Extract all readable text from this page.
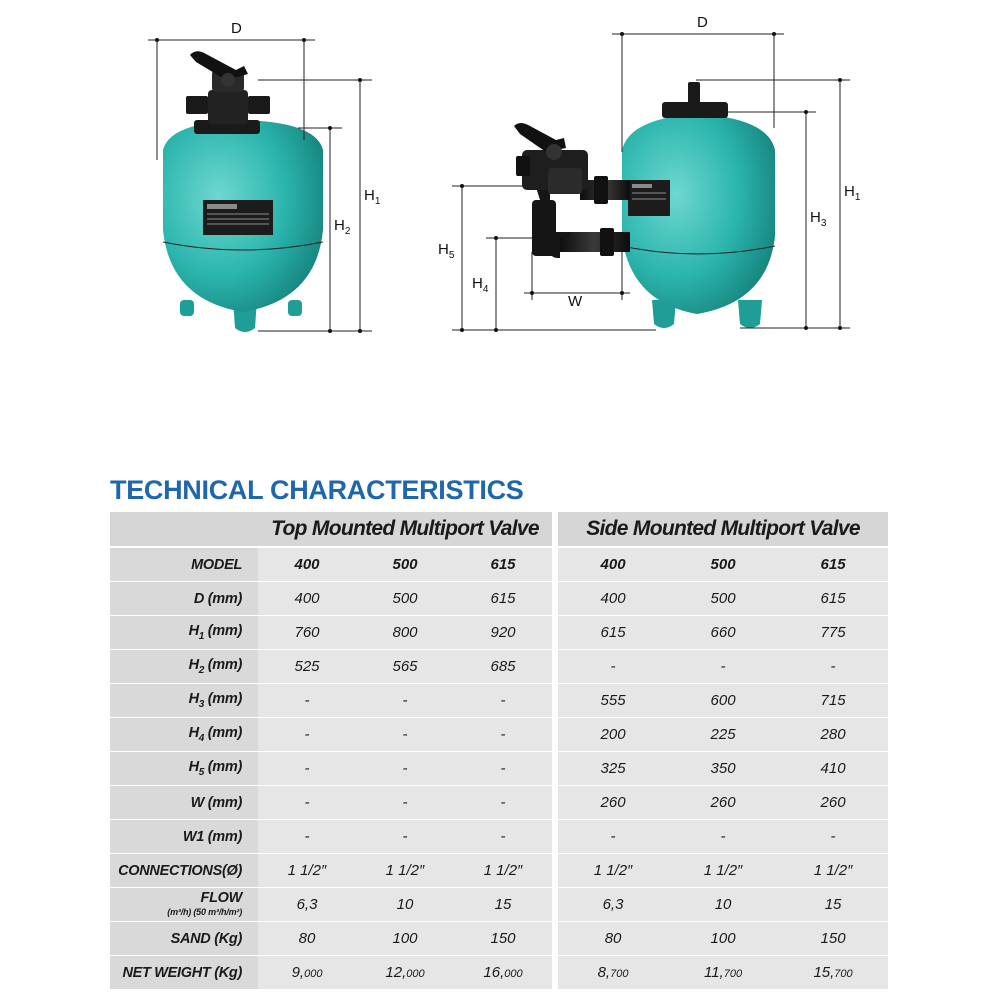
D
$H_1$
$H_2$
D
$H_1$
$H_3$
$H_5$
$H_4$
W
TECHNICAL CHARACTERISTICS
	Top Mounted Multiport Valve				Side Mounted Multiport Valve		
MODEL	400	500	615		400	500	615
D (mm)	400	500	615		400	500	615
$H_1$ (mm)	760	800	920		615	660	775
$H_2$ (mm)	525	565	685		-	-	-
$H_3$ (mm)	-	-	-		555	600	715
$H_4$ (mm)	-	-	-		200	225	280
$H_5$ (mm)	-	-	-		325	350	410
W (mm)	-	-	-		260	260	260
W1 (mm)	-	-	-		-	-	-
CONNECTIONS(Ø)	1 1/2″	1 1/2″	1 1/2″		1 1/2″	1 1/2″	1 1/2″

FLOW
(m³/h) (50 m³/h/m²)	6,3	10	15		6,3	10	15
SAND (Kg)	80	100	150		80	100	150
NET WEIGHT (Kg)	9,000	12,000	16,000		8,700	11,700	15,700
